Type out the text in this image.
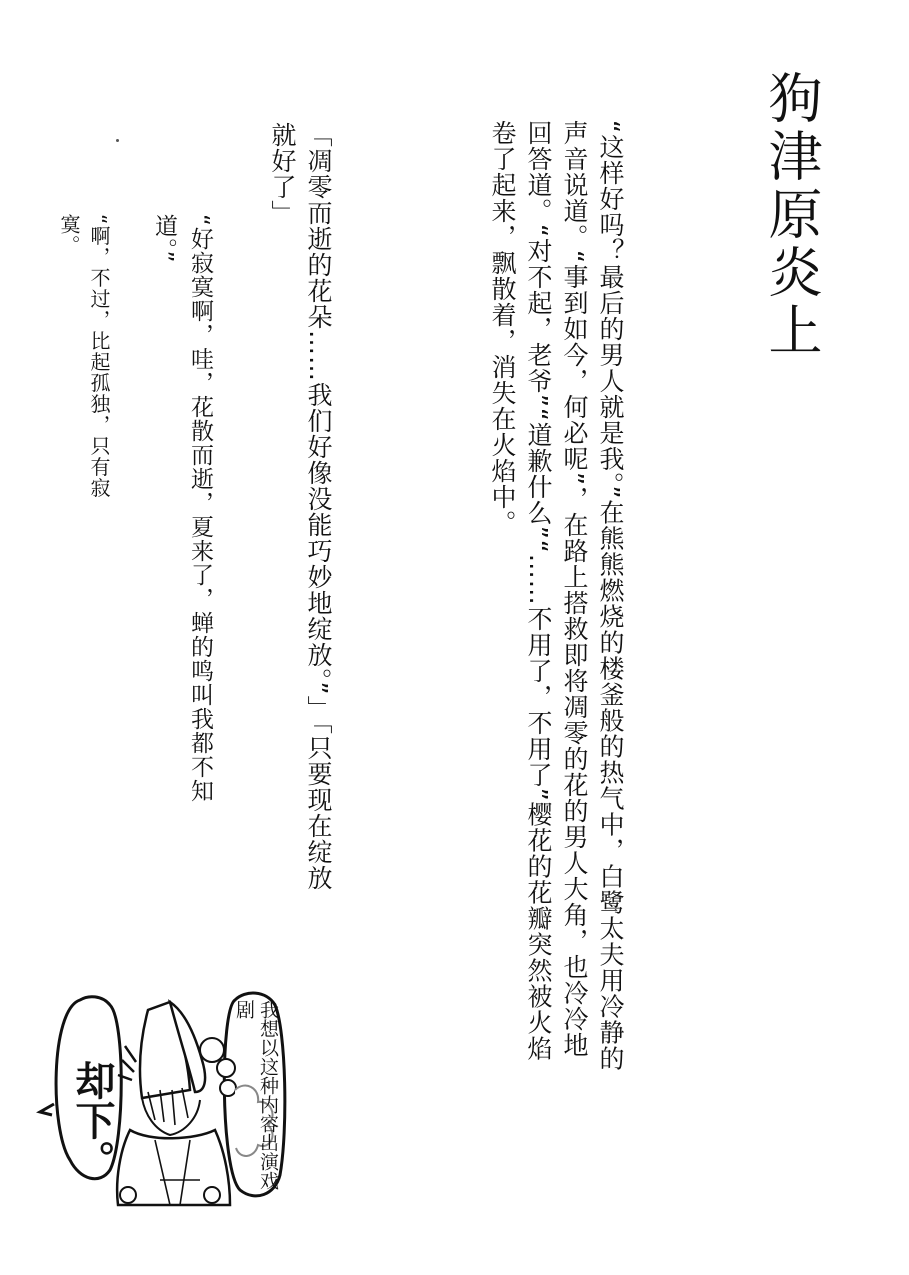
狗津原炎上
“这样好吗？最后的男人就是我。”在熊熊燃烧的楼釜般的热气中，白鹭太夫用冷静的声音说道。“事到如今，何必呢”，在路上搭救即将凋零的花的男人大角，也冷冷地回答道。“对不起，老爷”“道歉什么”“……不用了，不用了”樱花的花瓣突然被火焰卷了起来，飘散着，消失在火焰中。
「凋零而逝的花朵……我们好像没能巧妙地绽放。”」「只要现在绽放就好了」
“好寂寞啊，哇，花散而逝，夏来了，蝉的鸣叫我都不知道。”
“啊，不过，比起孤独，只有寂寞。
却下。	我想以这种内容出演戏剧
